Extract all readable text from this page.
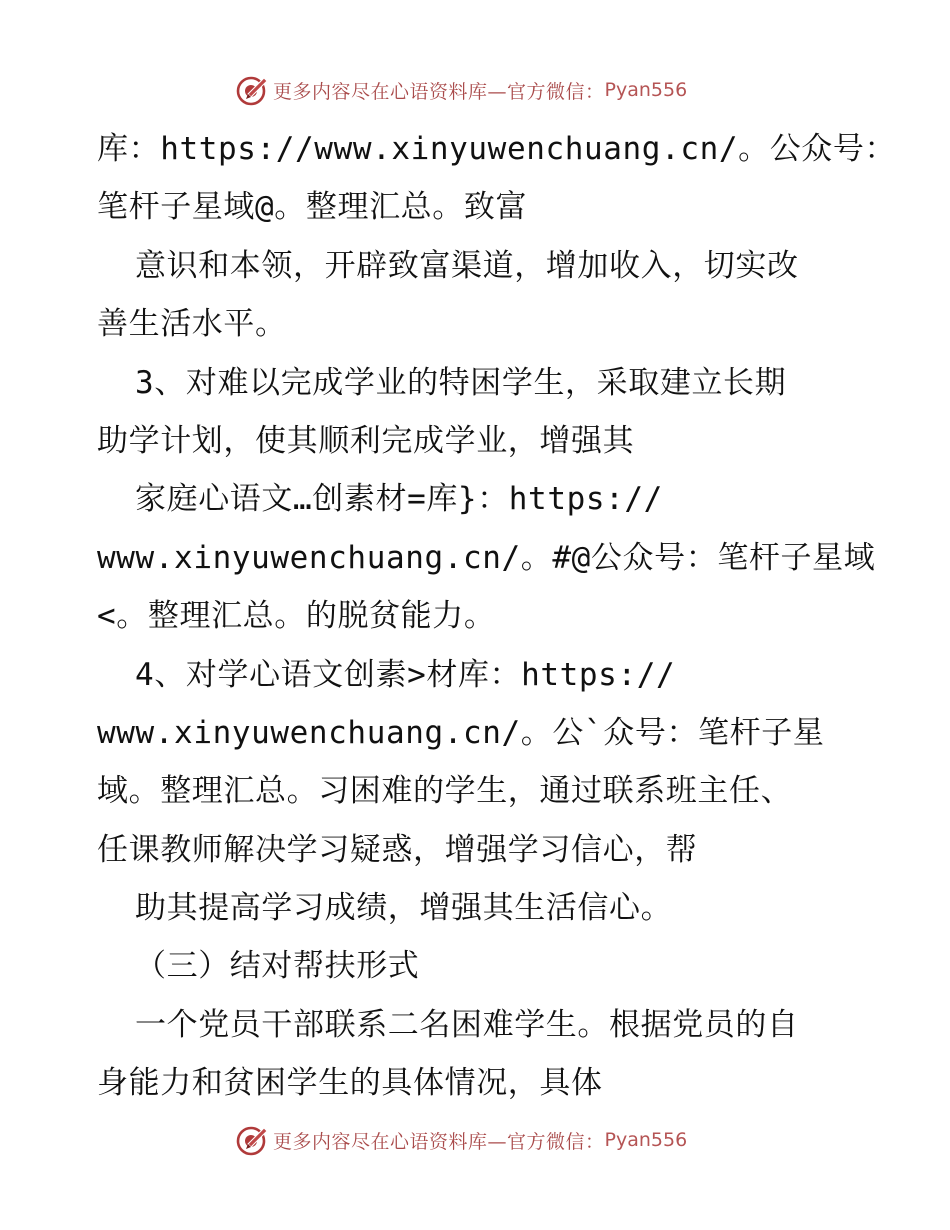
更多内容尽在心语资料库—官方微信： Pyan556
库：https://www.xinyuwenchuang.cn/。公众号：
笔杆子星域@。整理汇总。致富
意识和本领，开辟致富渠道，增加收入，切实改
善生活水平。
3、对难以完成学业的特困学生，采取建立长期
助学计划，使其顺利完成学业，增强其
家庭心语文…创素材=库}：https://
www.xinyuwenchuang.cn/。#@公众号：笔杆子星域
<。整理汇总。的脱贫能力。
4、对学心语文创素>材库：https://
www.xinyuwenchuang.cn/。公`众号：笔杆子星
域。整理汇总。习困难的学生，通过联系班主任、
任课教师解决学习疑惑，增强学习信心，帮
助其提高学习成绩，增强其生活信心。
（三）结对帮扶形式
一个党员干部联系二名困难学生。根据党员的自
身能力和贫困学生的具体情况，具体
更多内容尽在心语资料库—官方微信： Pyan556
